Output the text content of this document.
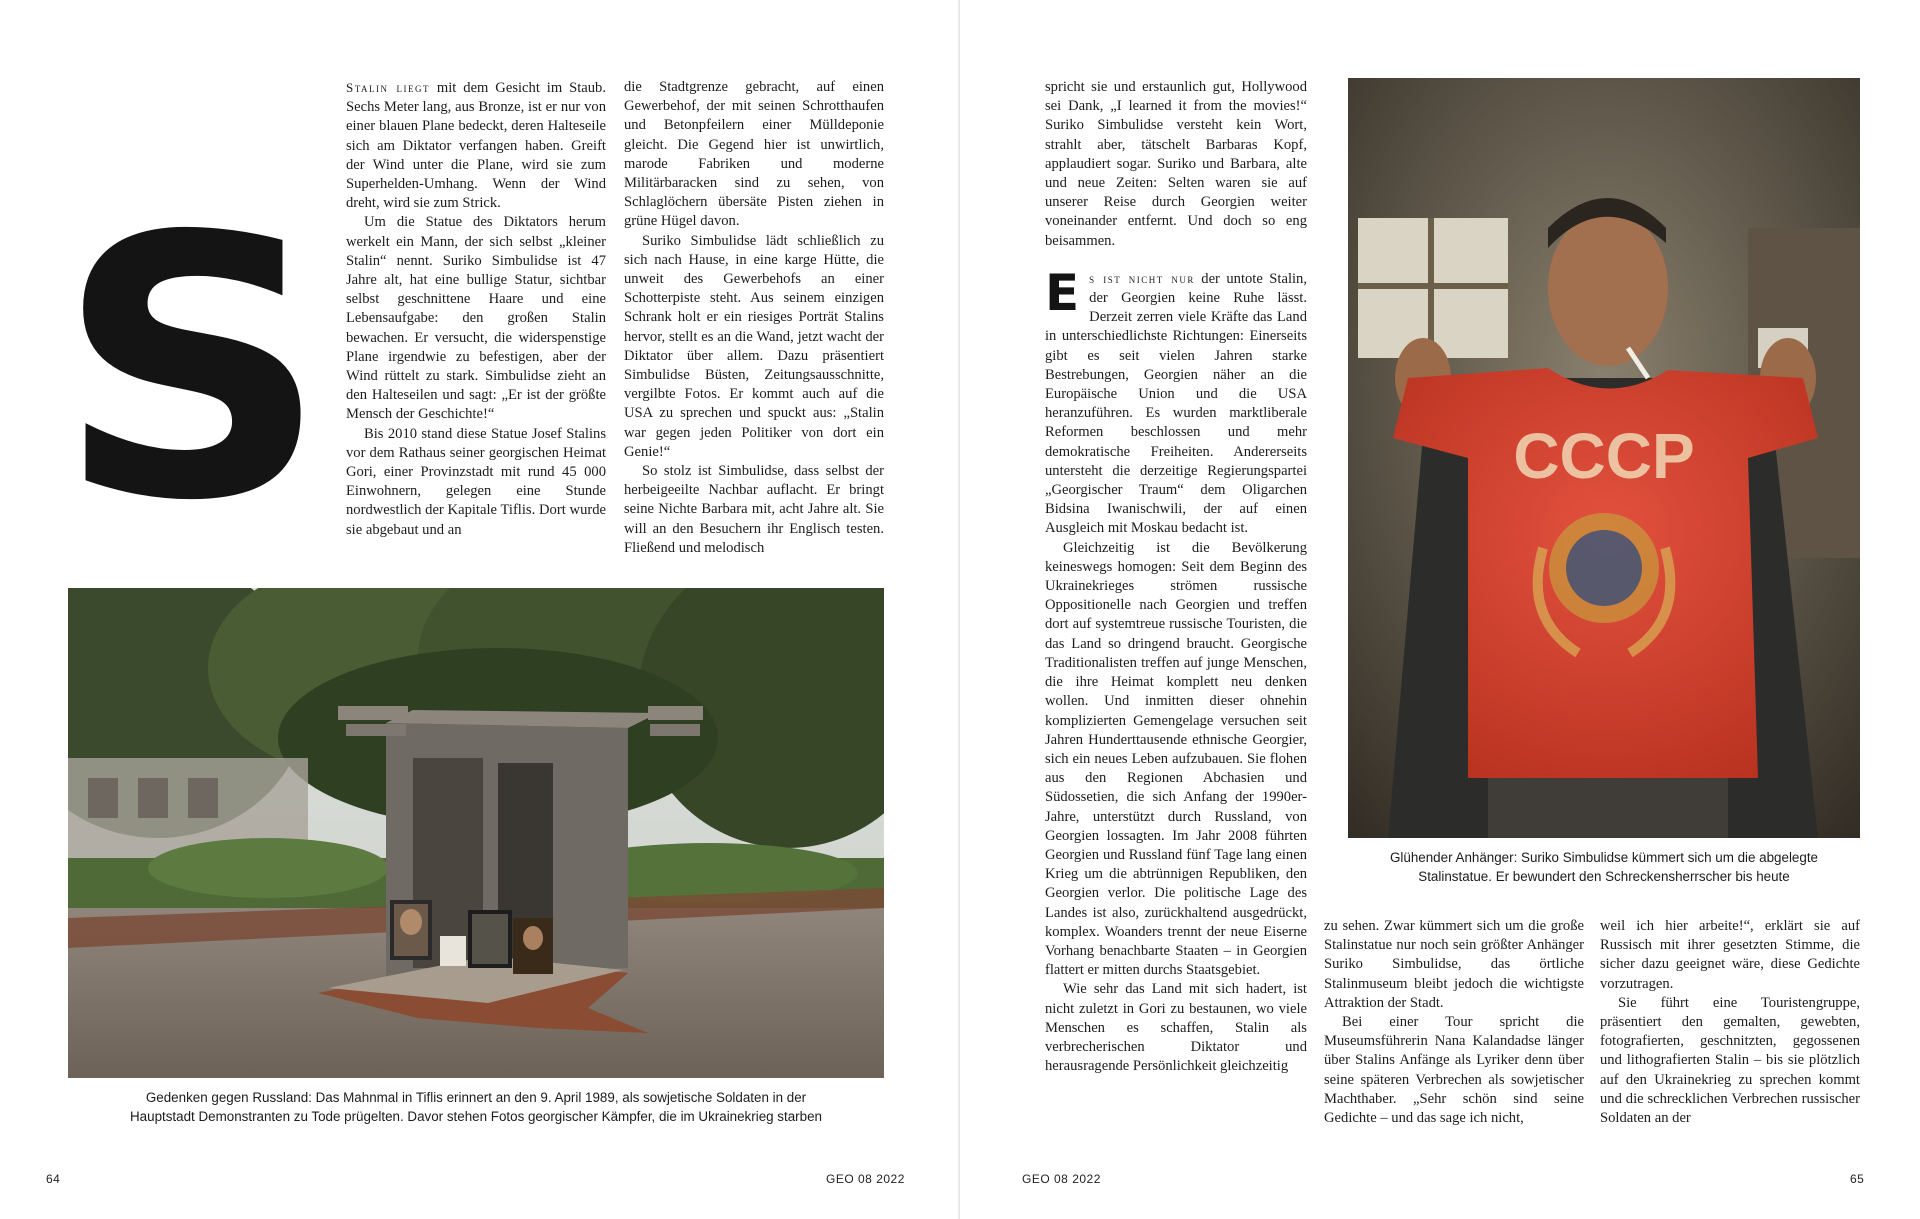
S

Stalin liegt mit dem Gesicht im Staub. Sechs Meter lang, aus Bronze, ist er nur von einer blauen Plane bedeckt, deren Halteseile sich am Diktator verfangen haben. Greift der Wind unter die Plane, wird sie zum Superhelden-Umhang. Wenn der Wind dreht, wird sie zum Strick.

Um die Statue des Diktators herum werkelt ein Mann, der sich selbst „kleiner Stalin“ nennt. Suriko Simbulidse ist 47 Jahre alt, hat eine bullige Statur, sichtbar selbst geschnittene Haare und eine Lebensaufgabe: den großen Stalin bewachen. Er versucht, die widerspenstige Plane irgendwie zu befestigen, aber der Wind rüttelt zu stark. Simbulidse zieht an den Halteseilen und sagt: „Er ist der größte Mensch der Geschichte!“

Bis 2010 stand diese Statue Josef Stalins vor dem Rathaus seiner georgischen Heimat Gori, einer Provinzstadt mit rund 45 000 Einwohnern, gelegen eine Stunde nordwestlich der Kapitale Tiflis. Dort wurde sie abgebaut und an

die Stadtgrenze gebracht, auf einen Gewerbehof, der mit seinen Schrotthaufen und Betonpfeilern einer Mülldeponie gleicht. Die Gegend hier ist unwirtlich, marode Fabriken und moderne Militärbaracken sind zu sehen, von Schlaglöchern übersäte Pisten ziehen in grüne Hügel davon.

Suriko Simbulidse lädt schließlich zu sich nach Hause, in eine karge Hütte, die unweit des Gewerbehofs an einer Schotterpiste steht. Aus seinem einzigen Schrank holt er ein riesiges Porträt Stalins hervor, stellt es an die Wand, jetzt wacht der Diktator über allem. Dazu präsentiert Simbulidse Büsten, Zeitungsausschnitte, vergilbte Fotos. Er kommt auch auf die USA zu sprechen und spuckt aus: „Stalin war gegen jeden Politiker von dort ein Genie!“

So stolz ist Simbulidse, dass selbst der herbeigeeilte Nachbar auflacht. Er bringt seine Nichte Barbara mit, acht Jahre alt. Sie will an den Besuchern ihr Englisch testen. Fließend und melodisch

Gedenken gegen Russland: Das Mahnmal in Tiflis erinnert an den 9. April 1989, als sowjetische Soldaten in der
Hauptstadt Demonstranten zu Tode prügelten. Davor stehen Fotos georgischer Kämpfer, die im Ukrainekrieg starben
64	GEO 08 2022

spricht sie und erstaunlich gut, Hollywood sei Dank, „I learned it from the movies!“ Suriko Simbulidse versteht kein Wort, strahlt aber, tätschelt Barbaras Kopf, applaudiert sogar. Suriko und Barbara, alte und neue Zeiten: Selten waren sie auf unserer Reise durch Georgien weiter voneinander entfernt. Und doch so eng beisammen.

Es ist nicht nur der untote Stalin, der Georgien keine Ruhe lässt. Derzeit zerren viele Kräfte das Land in unterschiedlichste Richtungen: Einerseits gibt es seit vielen Jahren starke Bestrebungen, Georgien näher an die Europäische Union und die USA heranzuführen. Es wurden marktliberale Reformen beschlossen und mehr demokratische Freiheiten. Andererseits untersteht die derzeitige Regierungspartei „Georgischer Traum“ dem Oligarchen Bidsina Iwanischwili, der auf einen Ausgleich mit Moskau bedacht ist.

Gleichzeitig ist die Bevölkerung keineswegs homogen: Seit dem Beginn des Ukrainekrieges strömen russische Oppositionelle nach Georgien und treffen dort auf systemtreue russische Touristen, die das Land so dringend braucht. Georgische Traditionalisten treffen auf junge Menschen, die ihre Heimat komplett neu denken wollen. Und inmitten dieser ohnehin komplizierten Gemengelage versuchen seit Jahren Hunderttausende ethnische Georgier, sich ein neues Leben aufzubauen. Sie flohen aus den Regionen Abchasien und Südossetien, die sich Anfang der 1990er-Jahre, unterstützt durch Russland, von Georgien lossagten. Im Jahr 2008 führten Georgien und Russland fünf Tage lang einen Krieg um die abtrünnigen Republiken, den Georgien verlor. Die politische Lage des Landes ist also, zurückhaltend ausgedrückt, komplex. Woanders trennt der neue Eiserne Vorhang benachbarte Staaten – in Georgien flattert er mitten durchs Staatsgebiet.

Wie sehr das Land mit sich hadert, ist nicht zuletzt in Gori zu bestaunen, wo viele Menschen es schaffen, Stalin als verbrecherischen Diktator und herausragende Persönlichkeit gleichzeitig

CCCP
Glühender Anhänger: Suriko Simbulidse kümmert sich um die abgelegte
Stalinstatue. Er bewundert den Schreckensherrscher bis heute

zu sehen. Zwar kümmert sich um die große Stalinstatue nur noch sein größter Anhänger Suriko Simbulidse, das örtliche Stalinmuseum bleibt jedoch die wichtigste Attraktion der Stadt.

Bei einer Tour spricht die Museumsführerin Nana Kalandadse länger über Stalins Anfänge als Lyriker denn über seine späteren Verbrechen als sowjetischer Machthaber. „Sehr schön sind seine Gedichte – und das sage ich nicht,

weil ich hier arbeite!“, erklärt sie auf Russisch mit ihrer gesetzten Stimme, die sicher dazu geeignet wäre, diese Gedichte vorzutragen.

Sie führt eine Touristengruppe, präsentiert den gemalten, gewebten, fotografierten, geschnitzten, gegossenen und lithografierten Stalin – bis sie plötzlich auf den Ukrainekrieg zu sprechen kommt und die schrecklichen Verbrechen russischer Soldaten an der

GEO 08 2022	65
